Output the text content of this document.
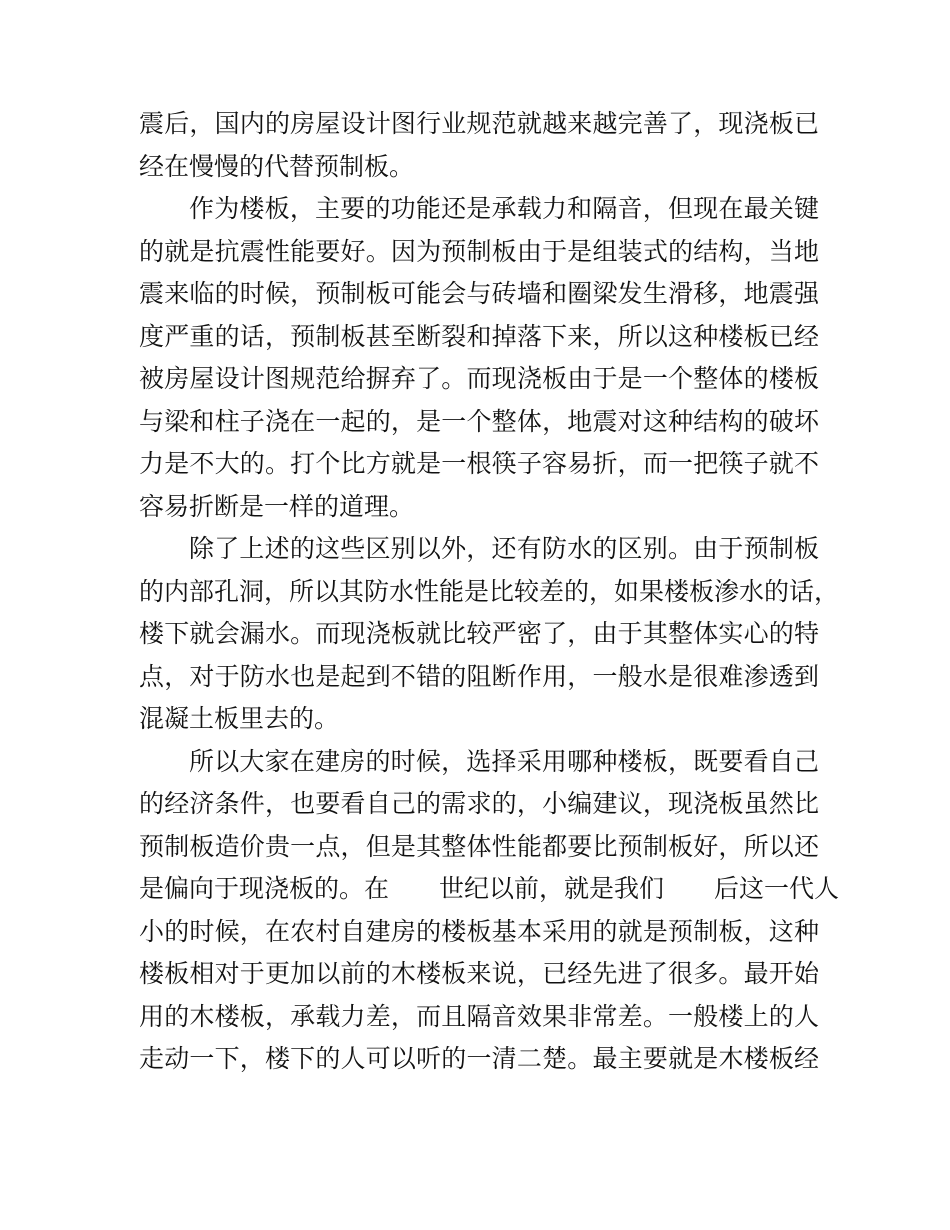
震后，国内的房屋设计图行业规范就越来越完善了，现浇板已
经在慢慢的代替预制板。
作为楼板，主要的功能还是承载力和隔音，但现在最关键
的就是抗震性能要好。因为预制板由于是组装式的结构，当地
震来临的时候，预制板可能会与砖墙和圈梁发生滑移，地震强
度严重的话，预制板甚至断裂和掉落下来，所以这种楼板已经
被房屋设计图规范给摒弃了。而现浇板由于是一个整体的楼板
与梁和柱子浇在一起的，是一个整体，地震对这种结构的破坏
力是不大的。打个比方就是一根筷子容易折，而一把筷子就不
容易折断是一样的道理。
除了上述的这些区别以外，还有防水的区别。由于预制板
的内部孔洞，所以其防水性能是比较差的，如果楼板渗水的话，
楼下就会漏水。而现浇板就比较严密了，由于其整体实心的特
点，对于防水也是起到不错的阻断作用，一般水是很难渗透到
混凝土板里去的。
所以大家在建房的时候，选择采用哪种楼板，既要看自己
的经济条件，也要看自己的需求的，小编建议，现浇板虽然比
预制板造价贵一点，但是其整体性能都要比预制板好，所以还
是偏向于现浇板的。在　　世纪以前，就是我们　　后这一代人
小的时候，在农村自建房的楼板基本采用的就是预制板，这种
楼板相对于更加以前的木楼板来说，已经先进了很多。最开始
用的木楼板，承载力差，而且隔音效果非常差。一般楼上的人
走动一下，楼下的人可以听的一清二楚。最主要就是木楼板经
